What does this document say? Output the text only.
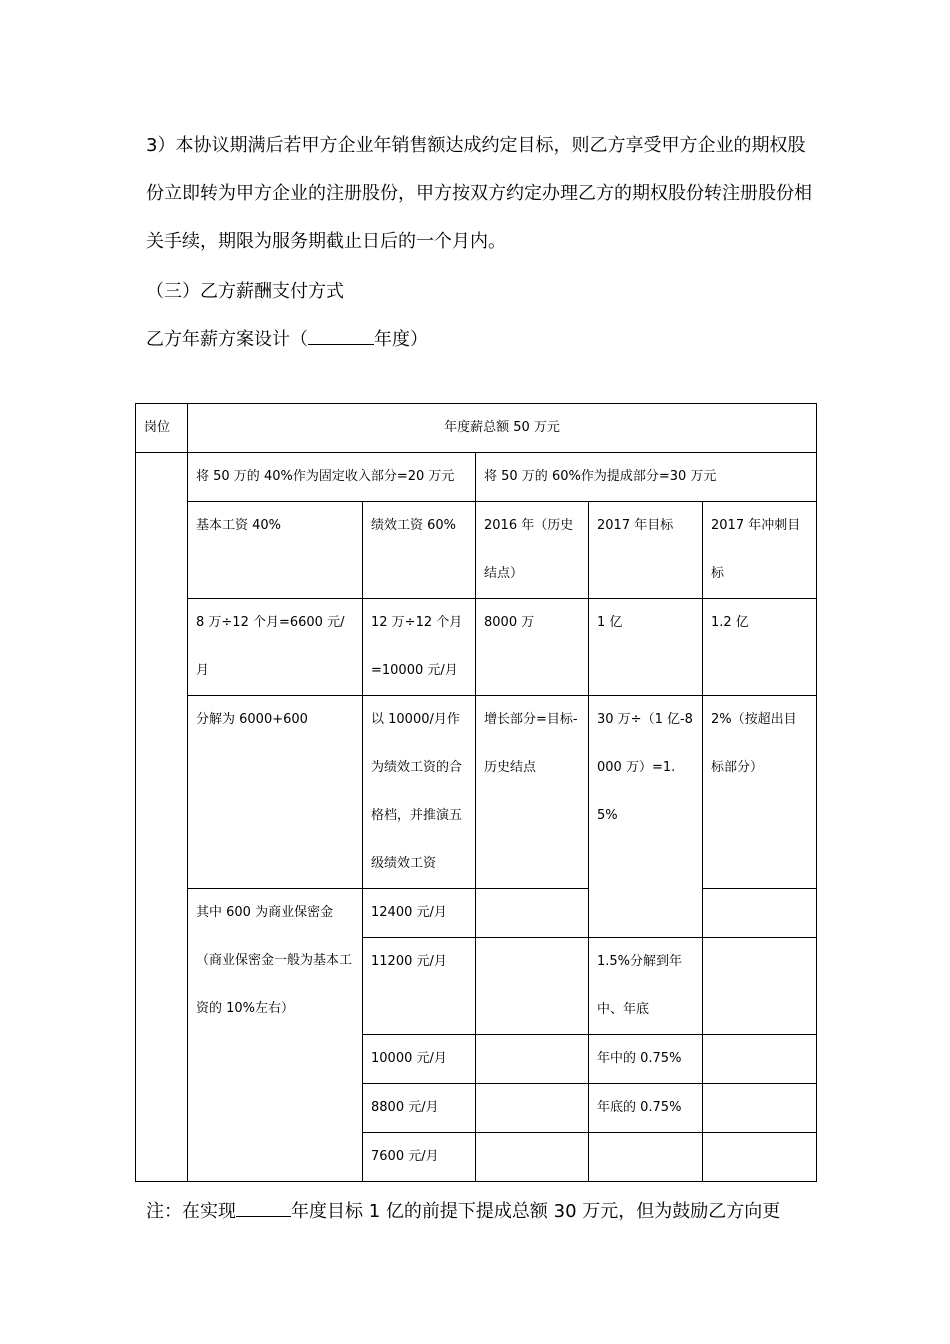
3）本协议期满后若甲方企业年销售额达成约定目标，则乙方享受甲方企业的期权股份立即转为甲方企业的注册股份，甲方按双方约定办理乙方的期权股份转注册股份相关手续，期限为服务期截止日后的一个月内。

（三）乙方薪酬支付方式

乙方年薪方案设计（	年度）

岗位	年度薪总额 50 万元				
	将 50 万的 40%作为固定收入部分=20 万元		将 50 万的 60%作为提成部分=30 万元		
	基本工资 40%	绩效工资 60%	2016 年（历史结点）	2017 年目标	2017 年冲刺目标
	8 万÷12 个月=6600 元/月	12 万÷12 个月=10000 元/月	8000 万	1 亿	1.2 亿
	分解为 6000+600	以 10000/月作为绩效工资的合格档，并推演五级绩效工资	增长部分=目标-历史结点	30 万÷（1 亿-8000 万）=1.5%	2%（按超出目标部分）
	其中 600 为商业保密金（商业保密金一般为基本工资的 10%左右）	12400 元/月			
		11200 元/月		1.5%分解到年中、年底	
		10000 元/月		年中的 0.75%	
		8800 元/月		年底的 0.75%	
		7600 元/月			

注：在实现	年度目标 1 亿的前提下提成总额 30 万元，但为鼓励乙方向更
